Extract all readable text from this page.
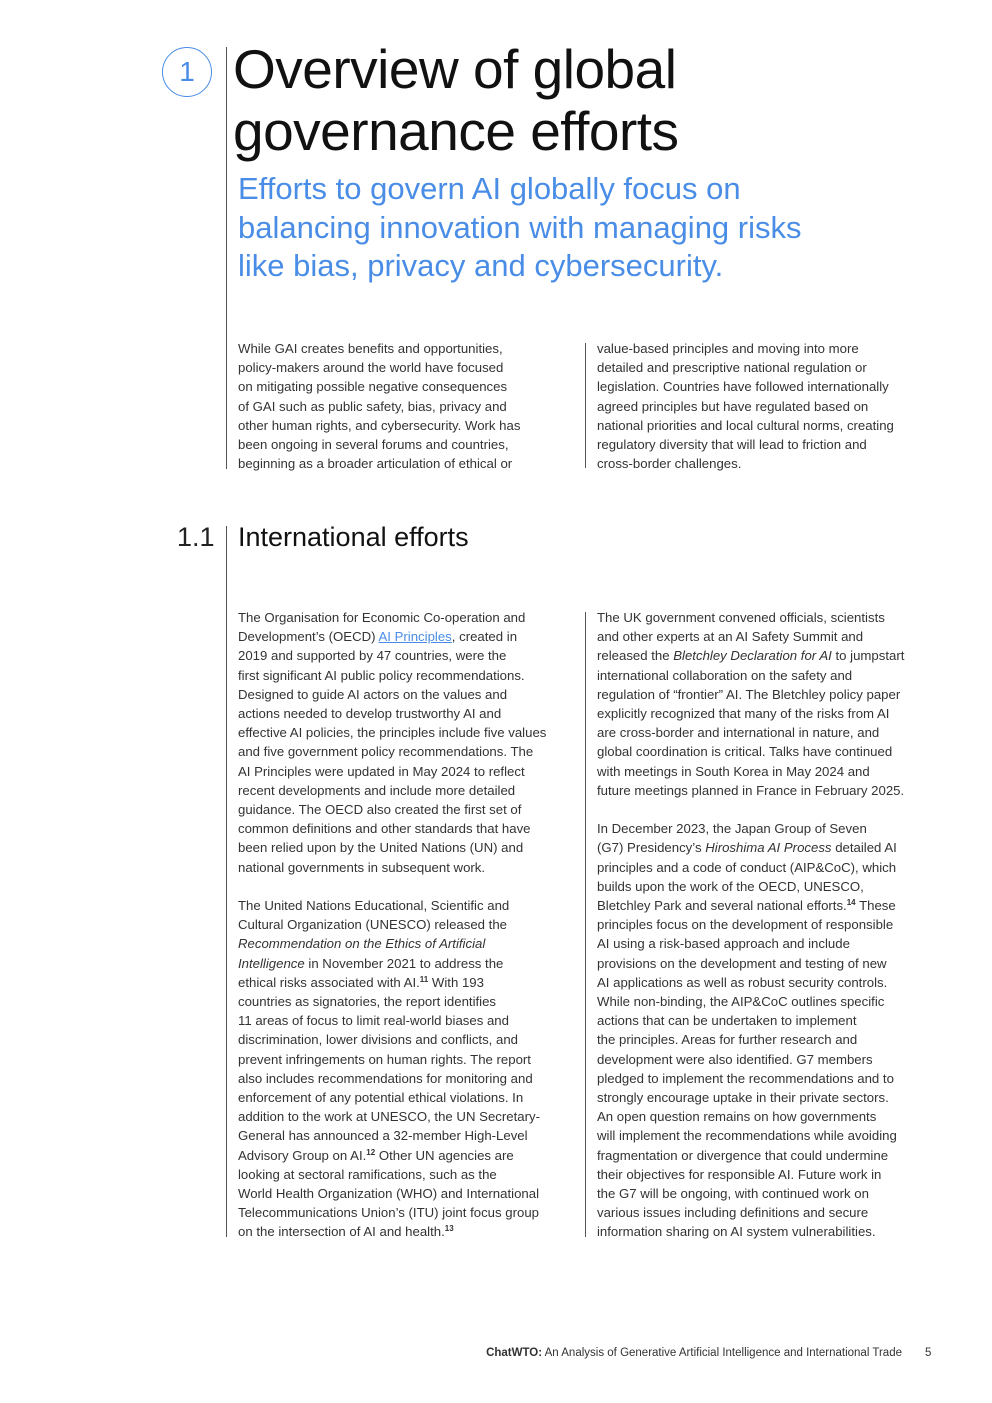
1 Overview of global
governance efforts

Efforts to govern AI globally focus on
balancing innovation with managing risks
like bias, privacy and cybersecurity.

While GAI creates benefits and opportunities,
policy-makers around the world have focused
on mitigating possible negative consequences
of GAI such as public safety, bias, privacy and
other human rights, and cybersecurity. Work has
been ongoing in several forums and countries,
beginning as a broader articulation of ethical or

value-based principles and moving into more
detailed and prescriptive national regulation or
legislation. Countries have followed internationally
agreed principles but have regulated based on
national priorities and local cultural norms, creating
regulatory diversity that will lead to friction and
cross-border challenges.

1.1 International efforts

The Organisation for Economic Co-operation and
Development’s (OECD) AI Principles, created in
2019 and supported by 47 countries, were the
first significant AI public policy recommendations.
Designed to guide AI actors on the values and
actions needed to develop trustworthy AI and
effective AI policies, the principles include five values
and five government policy recommendations. The
AI Principles were updated in May 2024 to reflect
recent developments and include more detailed
guidance. The OECD also created the first set of
common definitions and other standards that have
been relied upon by the United Nations (UN) and
national governments in subsequent work.

The United Nations Educational, Scientific and
Cultural Organization (UNESCO) released the
Recommendation on the Ethics of Artificial
Intelligence in November 2021 to address the
ethical risks associated with AI.$^{11}$ With 193
countries as signatories, the report identifies
11 areas of focus to limit real-world biases and
discrimination, lower divisions and conflicts, and
prevent infringements on human rights. The report
also includes recommendations for monitoring and
enforcement of any potential ethical violations. In
addition to the work at UNESCO, the UN Secretary-
General has announced a 32-member High-Level
Advisory Group on AI.$^{12}$ Other UN agencies are
looking at sectoral ramifications, such as the
World Health Organization (WHO) and International
Telecommunications Union’s (ITU) joint focus group
on the intersection of AI and health.$^{13}$

The UK government convened officials, scientists
and other experts at an AI Safety Summit and
released the Bletchley Declaration for AI to jumpstart
international collaboration on the safety and
regulation of “frontier” AI. The Bletchley policy paper
explicitly recognized that many of the risks from AI
are cross-border and international in nature, and
global coordination is critical. Talks have continued
with meetings in South Korea in May 2024 and
future meetings planned in France in February 2025.

In December 2023, the Japan Group of Seven
(G7) Presidency’s Hiroshima AI Process detailed AI
principles and a code of conduct (AIP&CoC), which
builds upon the work of the OECD, UNESCO,
Bletchley Park and several national efforts.$^{14}$ These
principles focus on the development of responsible
AI using a risk-based approach and include
provisions on the development and testing of new
AI applications as well as robust security controls.
While non-binding, the AIP&CoC outlines specific
actions that can be undertaken to implement
the principles. Areas for further research and
development were also identified. G7 members
pledged to implement the recommendations and to
strongly encourage uptake in their private sectors.
An open question remains on how governments
will implement the recommendations while avoiding
fragmentation or divergence that could undermine
their objectives for responsible AI. Future work in
the G7 will be ongoing, with continued work on
various issues including definitions and secure
information sharing on AI system vulnerabilities.

ChatWTO: An Analysis of Generative Artificial Intelligence and International Trade 5
